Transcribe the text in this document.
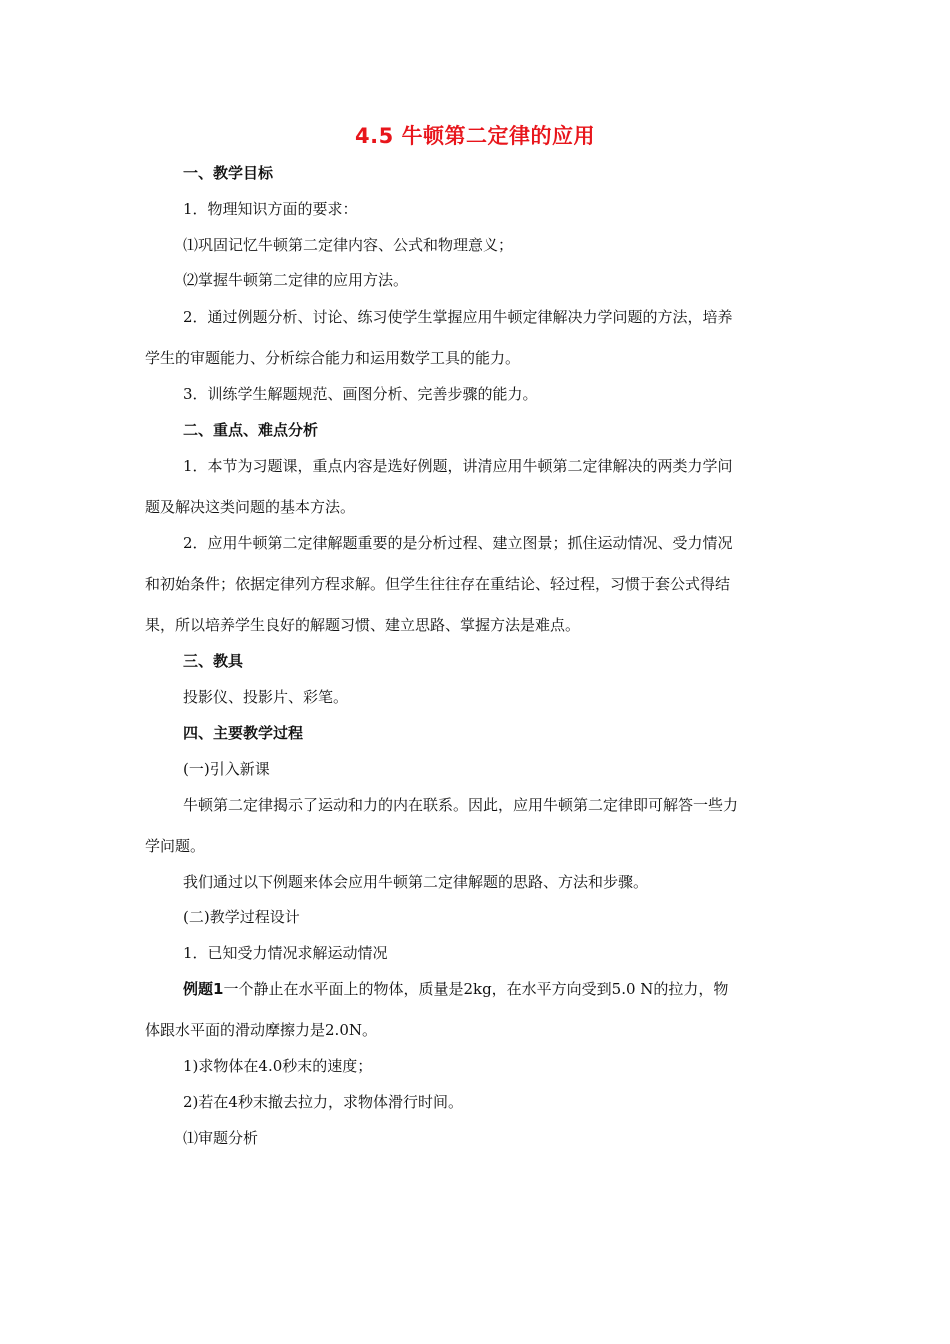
4.5 牛顿第二定律的应用
一、教学目标
1．物理知识方面的要求：
⑴巩固记忆牛顿第二定律内容、公式和物理意义；
⑵掌握牛顿第二定律的应用方法。
2．通过例题分析、讨论、练习使学生掌握应用牛顿定律解决力学问题的方法，培养
学生的审题能力、分析综合能力和运用数学工具的能力。
3．训练学生解题规范、画图分析、完善步骤的能力。
二、重点、难点分析
1．本节为习题课，重点内容是选好例题，讲清应用牛顿第二定律解决的两类力学问
题及解决这类问题的基本方法。
2．应用牛顿第二定律解题重要的是分析过程、建立图景；抓住运动情况、受力情况
和初始条件；依据定律列方程求解。但学生往往存在重结论、轻过程，习惯于套公式得结
果，所以培养学生良好的解题习惯、建立思路、掌握方法是难点。
三、教具
投影仪、投影片、彩笔。
四、主要教学过程
(一)引入新课
牛顿第二定律揭示了运动和力的内在联系。因此，应用牛顿第二定律即可解答一些力
学问题。
我们通过以下例题来体会应用牛顿第二定律解题的思路、方法和步骤。
(二)教学过程设计
1．已知受力情况求解运动情况
例题1一个静止在水平面上的物体，质量是2kg，在水平方向受到5.0 N的拉力，物
体跟水平面的滑动摩擦力是2.0N。
1)求物体在4.0秒末的速度；
2)若在4秒末撤去拉力，求物体滑行时间。
⑴审题分析
